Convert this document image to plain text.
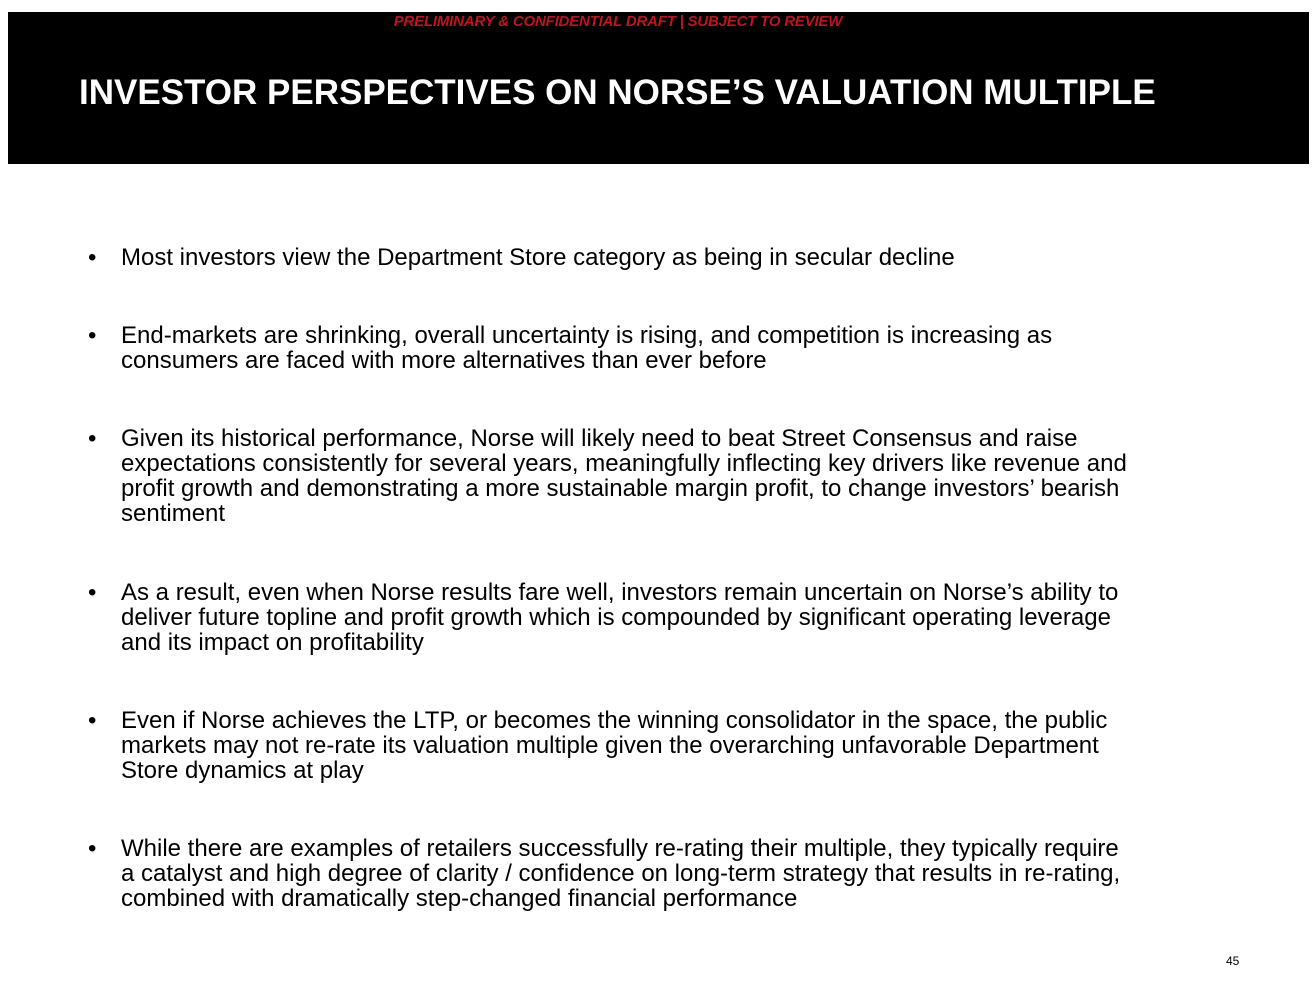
PRELIMINARY & CONFIDENTIAL DRAFT | SUBJECT TO REVIEW
INVESTOR PERSPECTIVES ON NORSE’S VALUATION MULTIPLE
• Most investors view the Department Store category as being in secular decline
• End-markets are shrinking, overall uncertainty is rising, and competition is increasing as
consumers are faced with more alternatives than ever before
• Given its historical performance, Norse will likely need to beat Street Consensus and raise
expectations consistently for several years, meaningfully inflecting key drivers like revenue and
profit growth and demonstrating a more sustainable margin profit, to change investors’ bearish
sentiment
• As a result, even when Norse results fare well, investors remain uncertain on Norse’s ability to
deliver future topline and profit growth which is compounded by significant operating leverage
and its impact on profitability
• Even if Norse achieves the LTP, or becomes the winning consolidator in the space, the public
markets may not re-rate its valuation multiple given the overarching unfavorable Department
Store dynamics at play
• While there are examples of retailers successfully re-rating their multiple, they typically require
a catalyst and high degree of clarity / confidence on long-term strategy that results in re-rating,
combined with dramatically step-changed financial performance
45
